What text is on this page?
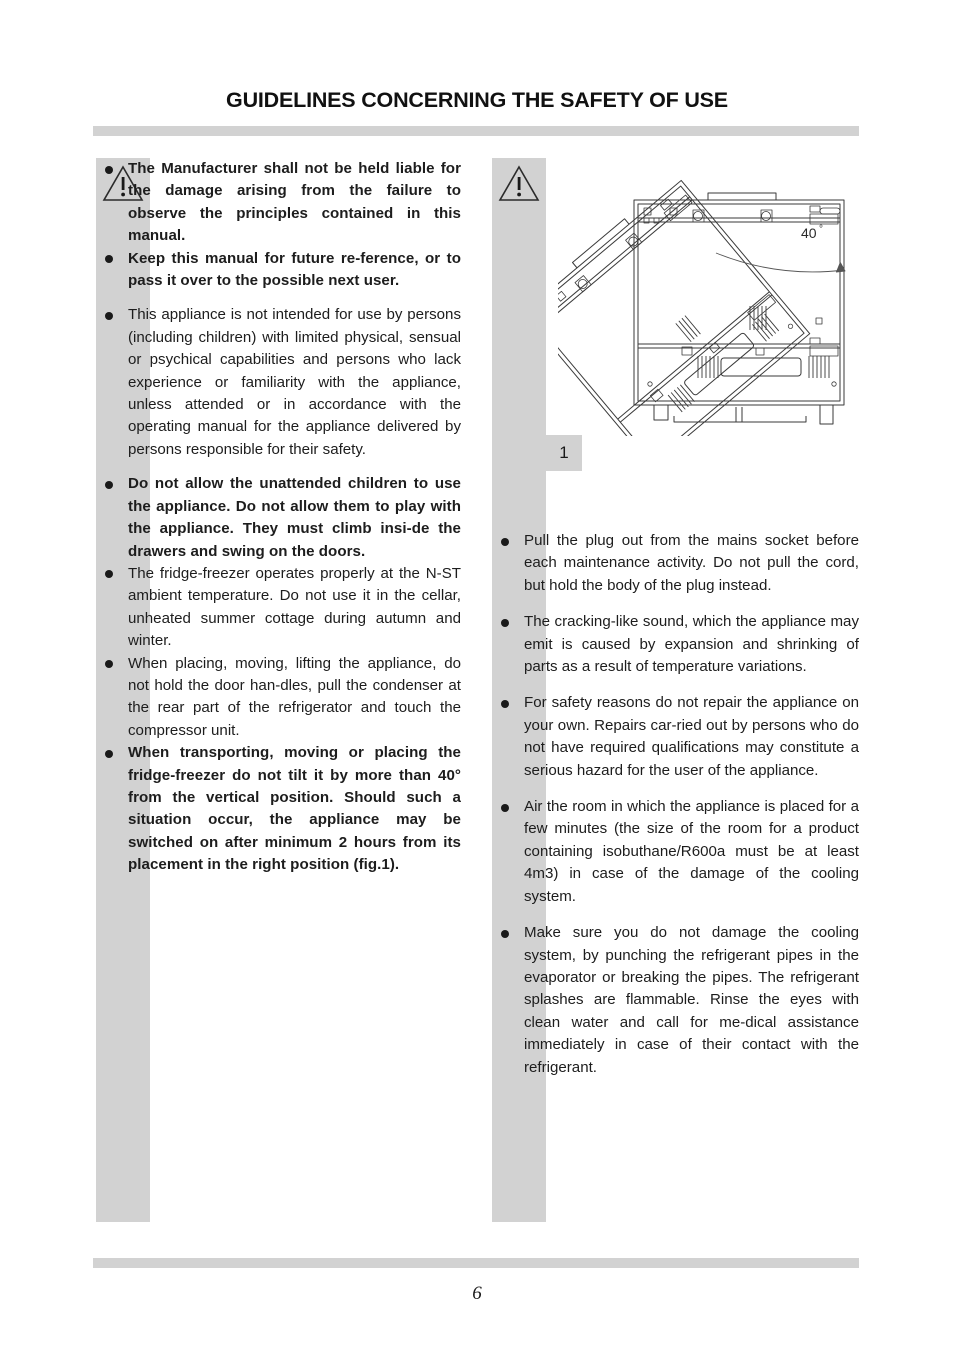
GUIDELINES CONCERNING THE SAFETY OF USE
The Manufacturer shall not be held liable for the damage arising from the failure to observe the principles contained in this manual.
Keep this manual for future re-ference, or to pass it over to the possible next user.
This appliance is not intended for use by persons (including children) with limited physical, sensual or psychical capabilities and persons who lack experience or familiarity with the appliance, unless attended or in accordance with the operating manual for the appliance delivered by persons responsible for their safety.
Do not allow the unattended children to use the appliance. Do not allow them to play with the appliance. They must climb insi-de the drawers and swing on the doors.
The fridge-freezer operates properly at the N-ST ambient temperature. Do not use it in the cellar, unheated summer cottage during autumn and winter.
When placing, moving, lifting the appliance, do not hold the door han-dles, pull the condenser at the rear part of the refrigerator and touch the compressor unit.
When transporting, moving or placing the fridge-freezer do not tilt it by more than 40° from the vertical position. Should such a situation occur, the appliance may be switched on after minimum 2 hours from its placement in the right position (fig.1).
40 °
1
Pull the plug out from the mains socket before each maintenance activity. Do not pull the cord, but hold the body of the plug instead.
The cracking-like sound, which the appliance may emit is caused by expansion and shrinking of parts as a result of temperature variations.
For safety reasons do not repair the appliance on your own. Repairs car-ried out by persons who do not have required qualifications may constitute a serious hazard for the user of the appliance.
Air the room in which the appliance is placed for a few minutes (the size of the room for a product containing isobuthane/R600a must be at least 4m3) in case of the damage of the cooling system.
Make sure you do not damage the cooling system, by punching the refrigerant pipes in the evaporator or breaking the pipes. The refrigerant splashes are flammable. Rinse the eyes with clean water and call for me-dical assistance immediately in case of their contact with the refrigerant.
6
